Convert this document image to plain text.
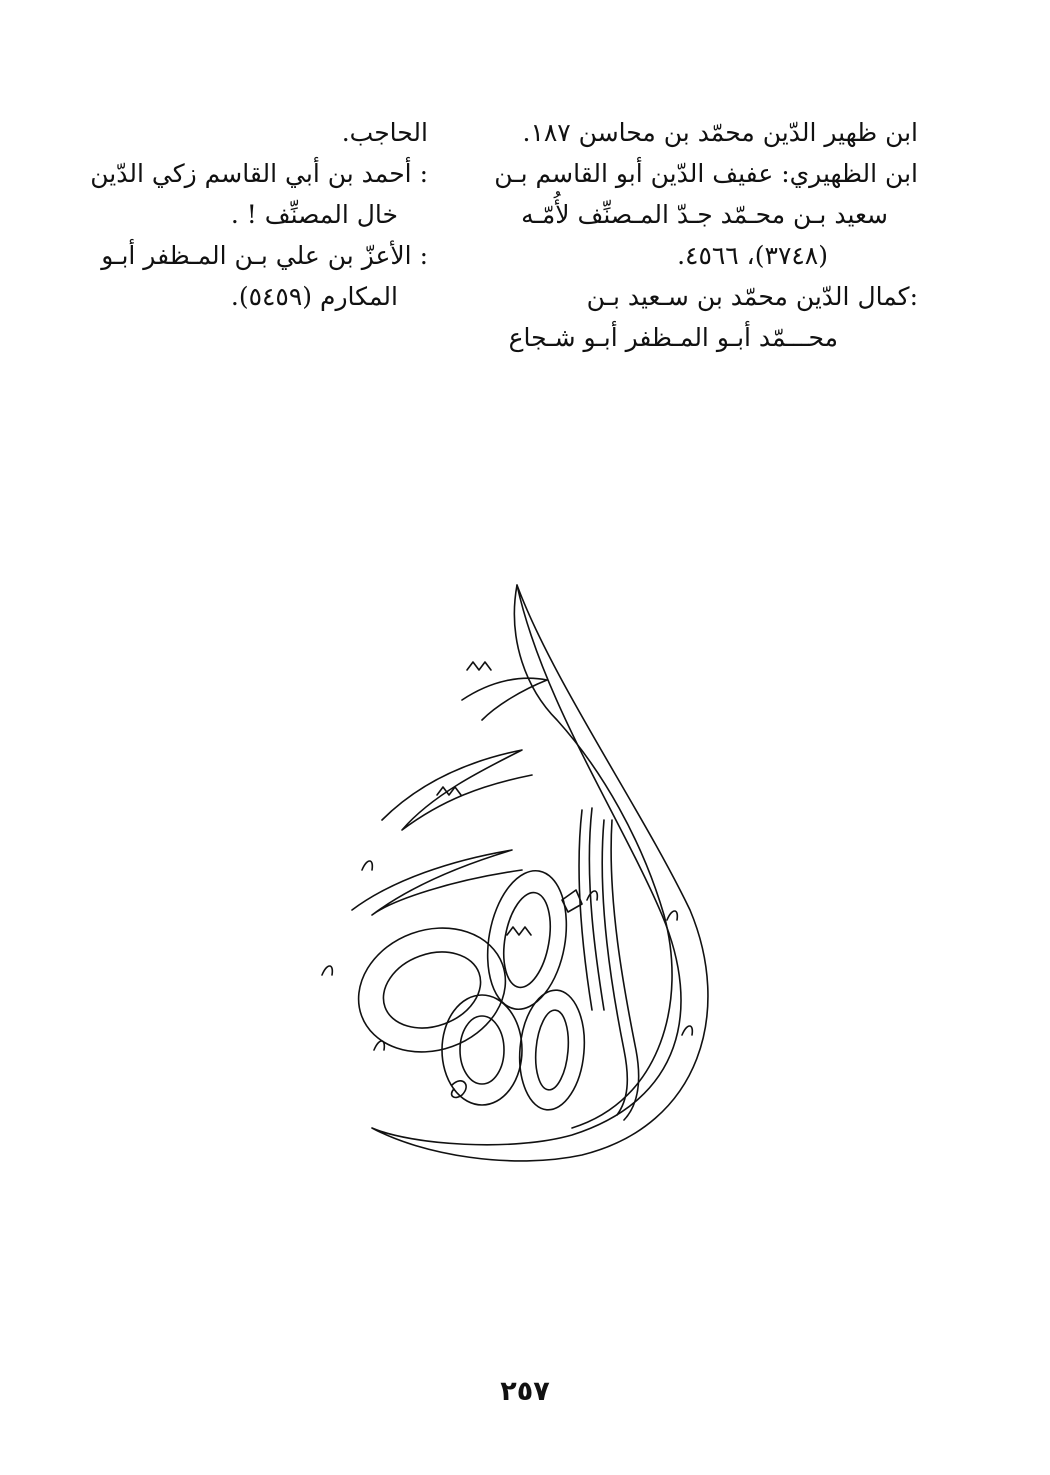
ابن ظهير الدّين محمّد بن محاسن ١٨٧.
ابن الظهيري: عفيف الدّين أبو القاسم بـن
سعيد بـن محـمّد جـدّ المـصنِّف لأُمّـه
(٣٧٤٨)، ٤٥٦٦.
:كمال الدّين محمّد بن سـعيد بـن
محـــمّد أبـو المـظفر أبـو شـجاع
الحاجب.
: أحمد بن أبي القاسم زكي الدّين
خال المصنِّف ! .
: الأعزّ بن علي بـن المـظفر أبـو
المكارم (٥٤٥٩).
٢٥٧
